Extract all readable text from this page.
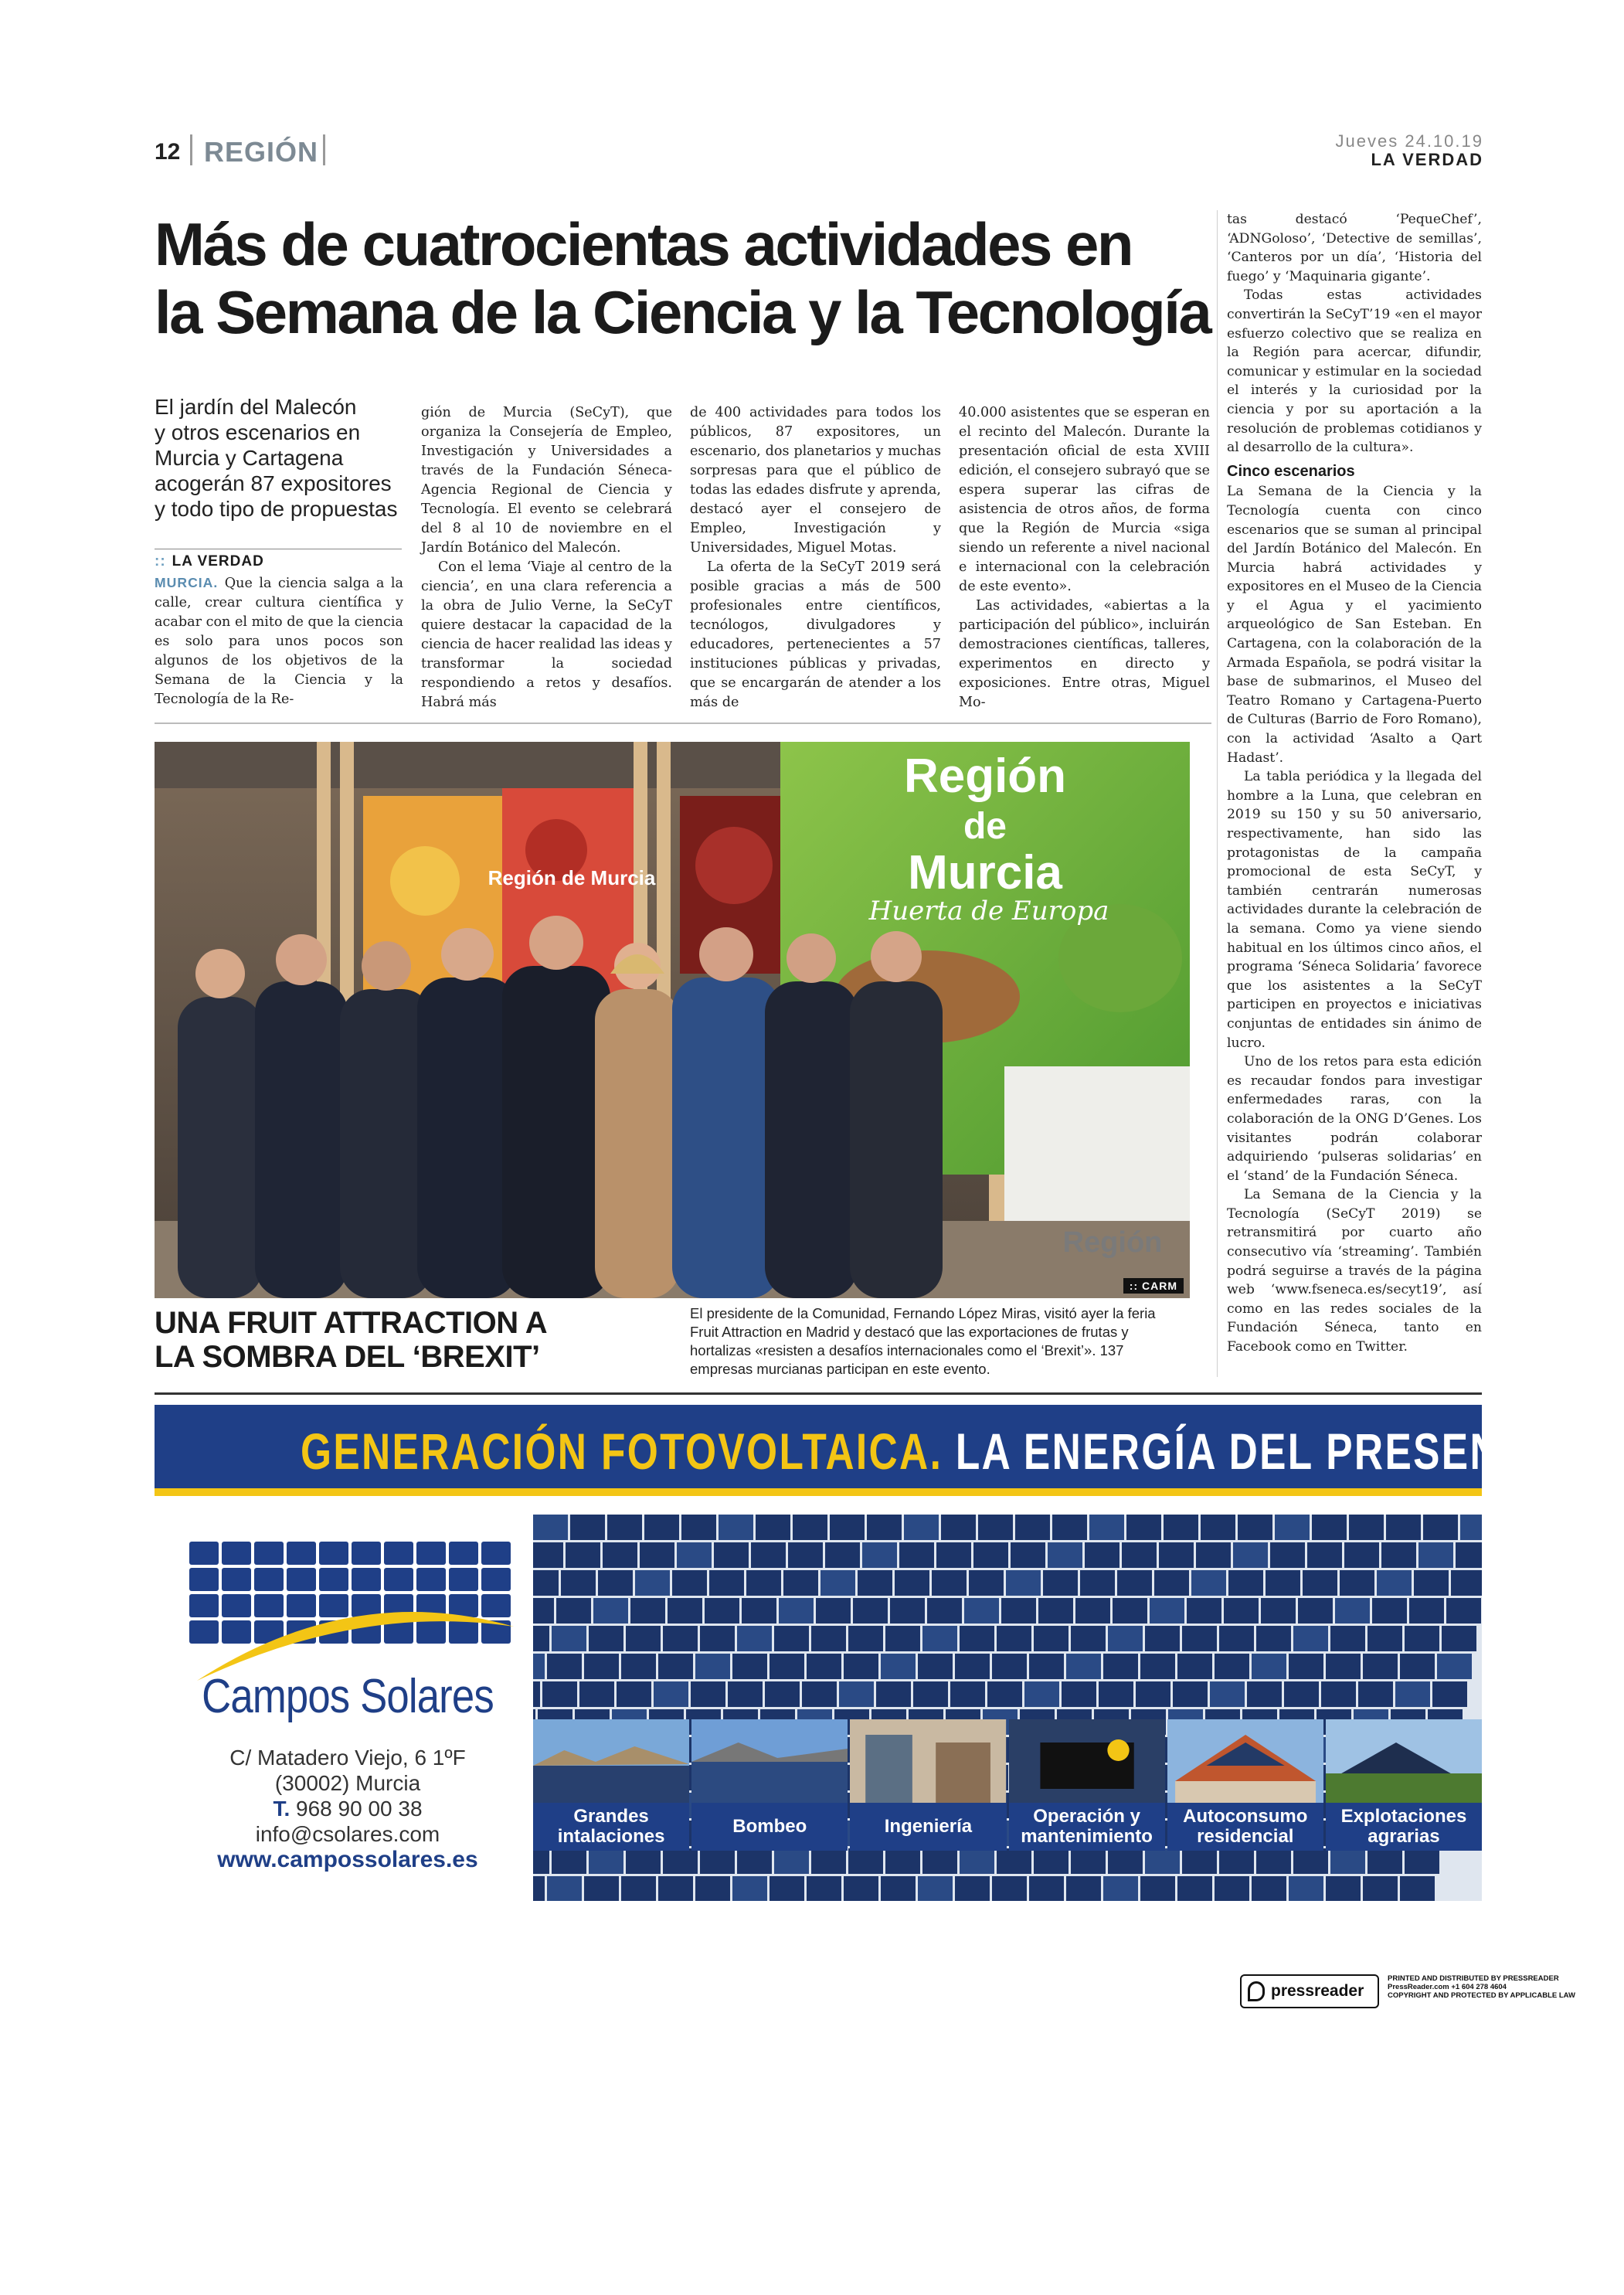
12 REGIÓN	Jueves 24.10.19
LA VERDAD
Más de cuatrocientas actividades en
la Semana de la Ciencia y la Tecnología
El jardín del Malecón
y otros escenarios en
Murcia y Cartagena
acogerán 87 expositores
y todo tipo de propuestas
:: LA VERDAD

MURCIA. Que la ciencia salga a la calle, crear cultura científica y acabar con el mito de que la ciencia es solo para unos pocos son algunos de los objetivos de la Semana de la Ciencia y la Tecnología de la Re-

gión de Murcia (SeCyT), que organiza la Consejería de Empleo, Investigación y Universidades a través de la Fundación Séneca-Agencia Regional de Ciencia y Tecnología. El evento se celebrará del 8 al 10 de noviembre en el Jardín Botánico del Malecón.

Con el lema ‘Viaje al centro de la ciencia’, en una clara referencia a la obra de Julio Verne, la SeCyT quiere destacar la capacidad de la ciencia de hacer realidad las ideas y transformar la sociedad respondiendo a retos y desafíos. Habrá más

de 400 actividades para todos los públicos, 87 expositores, un escenario, dos planetarios y muchas sorpresas para que el público de todas las edades disfrute y aprenda, destacó ayer el consejero de Empleo, Investigación y Universidades, Miguel Motas.

La oferta de la SeCyT 2019 será posible gracias a más de 500 profesionales entre científicos, tecnólogos, divulgadores y educadores, pertenecientes a 57 instituciones públicas y privadas, que se encargarán de atender a los más de

40.000 asistentes que se esperan en el recinto del Malecón. Durante la presentación oficial de esta XVIII edición, el consejero subrayó que se espera superar las cifras de asistencia de otros años, de forma que la Región de Murcia «siga siendo un referente a nivel nacional e internacional con la celebración de este evento».

Las actividades, «abiertas a la participación del público», incluirán demostraciones científicas, talleres, experimentos en directo y exposiciones. Entre otras, Miguel Mo-

tas destacó ‘PequeChef’, ‘ADNGoloso’, ‘Detective de semillas’, ‘Canteros por un día’, ‘Historia del fuego’ y ‘Maquinaria gigante’.

Todas estas actividades convertirán la SeCyT’19 «en el mayor esfuerzo colectivo que se realiza en la Región para acercar, difundir, comunicar y estimular en la sociedad el interés y la curiosidad por la ciencia y por su aportación a la resolución de problemas cotidianos y al desarrollo de la cultura».

Cinco escenarios

La Semana de la Ciencia y la Tecnología cuenta con cinco escenarios que se suman al principal del Jardín Botánico del Malecón. En Murcia habrá actividades y expositores en el Museo de la Ciencia y el Agua y el yacimiento arqueológico de San Esteban. En Cartagena, con la colaboración de la Armada Española, se podrá visitar la base de submarinos, el Museo del Teatro Romano y Cartagena-Puerto de Culturas (Barrio de Foro Romano), con la actividad ‘Asalto a Qart Hadast’.

La tabla periódica y la llegada del hombre a la Luna, que celebran en 2019 su 150 y su 50 aniversario, respectivamente, han sido las protagonistas de la campaña promocional de esta SeCyT, y también centrarán numerosas actividades durante la celebración de la semana. Como ya viene siendo habitual en los últimos cinco años, el programa ‘Séneca Solidaria’ favorece que los asistentes a la SeCyT participen en proyectos e iniciativas conjuntas de entidades sin ánimo de lucro.

Uno de los retos para esta edición es recaudar fondos para investigar enfermedades raras, con la colaboración de la ONG D’Genes. Los visitantes podrán colaborar adquiriendo ‘pulseras solidarias’ en el ‘stand’ de la Fundación Séneca.

La Semana de la Ciencia y la Tecnología (SeCyT 2019) se retransmitirá por cuarto año consecutivo vía ‘streaming’. También podrá seguirse a través de la página web ‘www.fseneca.es/secyt19’, así como en las redes sociales de la Fundación Séneca, tanto en Facebook como en Twitter.

Región
de
Murcia
Huerta de Europa
Región de Murcia
Región
:: CARM
UNA FRUIT ATTRACTION A
LA SOMBRA DEL ‘BREXIT’
El presidente de la Comunidad, Fernando López Miras, visitó ayer la feria Fruit Attraction en Madrid y destacó que las exportaciones de frutas y hortalizas «resisten a desafíos internacionales como el ‘Brexit’». 137 empresas murcianas participan en este evento.
GENERACIÓN FOTOVOLTAICA. LA ENERGÍA DEL PRESENTE
Campos Solares
C/ Matadero Viejo, 6 1ºF
(30002) Murcia
T. 968 90 00 38
info@csolares.com
www.campossolares.es
Grandes intalaciones	Bombeo	Ingeniería	Operación y mantenimiento
Autoconsumo residencial
Explotaciones agrarias
pressreader
PRINTED AND DISTRIBUTED BY PRESSREADER
PressReader.com +1 604 278 4604
COPYRIGHT AND PROTECTED BY APPLICABLE LAW
